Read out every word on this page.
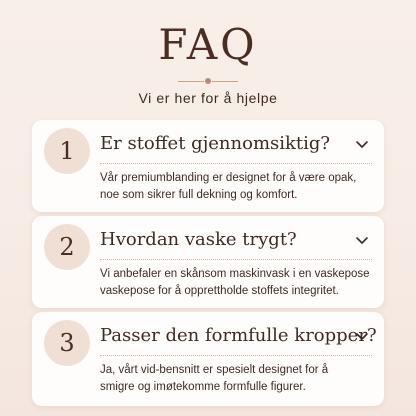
FAQ
Vi er her for å hjelpe
1	Er stoffet gjennomsiktig?
Vår premiumblanding er designet for å være opak,
noe som sikrer full dekning og komfort.
2	Hvordan vaske trygt?
Vi anbefaler en skånsom maskinvask i en vaskepose
vaskepose for å opprettholde stoffets integritet.
3	Passer den formfulle kropper?
Ja, vårt vid-bensnitt er spesielt designet for å
smigre og imøtekomme formfulle figurer.
